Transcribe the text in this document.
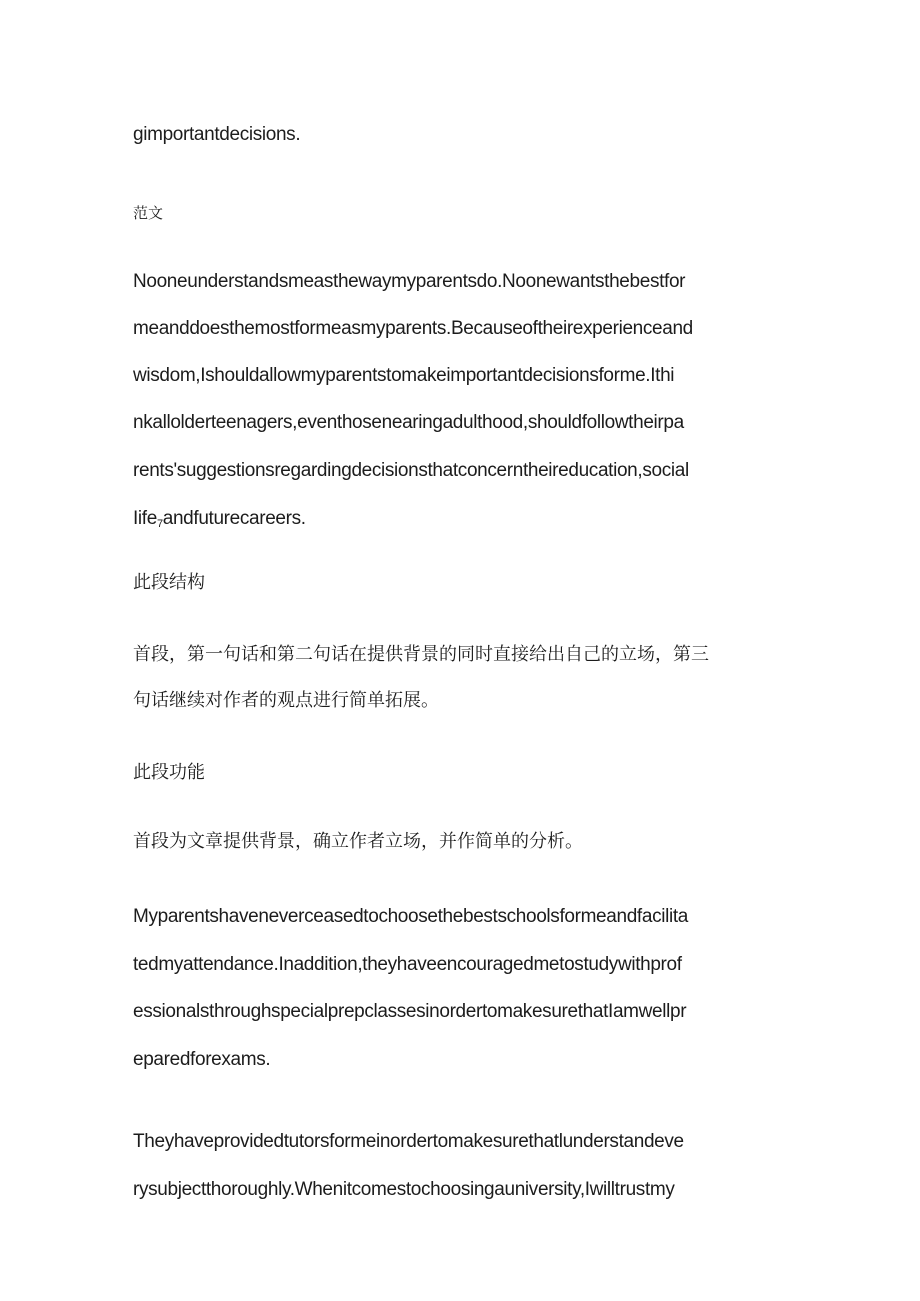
gimportantdecisions.
范文
Nooneunderstandsmeasthewaymyparentsdo.Noonewantsthebestfor
meanddoesthemostformeasmyparents.Becauseoftheirexperienceand
wisdom,Ishouldallowmyparentstomakeimportantdecisionsforme.Ithi
nkallolderteenagers,eventhosenearingadulthood,shouldfollowtheirpa
rents'suggestionsregardingdecisionsthatconcerntheireducation,social
Iife$_7$andfuturecareers.
此段结构
首段，第一句话和第二句话在提供背景的同时直接给出自己的立场，第三
句话继续对作者的观点进行简单拓展。
此段功能
首段为文章提供背景，确立作者立场，并作简单的分析。
Myparentshaveneverceasedtochoosethebestschoolsformeandfacilita
tedmyattendance.Inaddition,theyhaveencouragedmetostudywithprof
essionalsthroughspecialprepclassesinordertomakesurethatIamwellpr
eparedforexams.
Theyhaveprovidedtutorsformeinordertomakesurethatlunderstandeve
rysubjectthoroughly.Whenitcomestochoosingauniversity,Iwilltrustmy
